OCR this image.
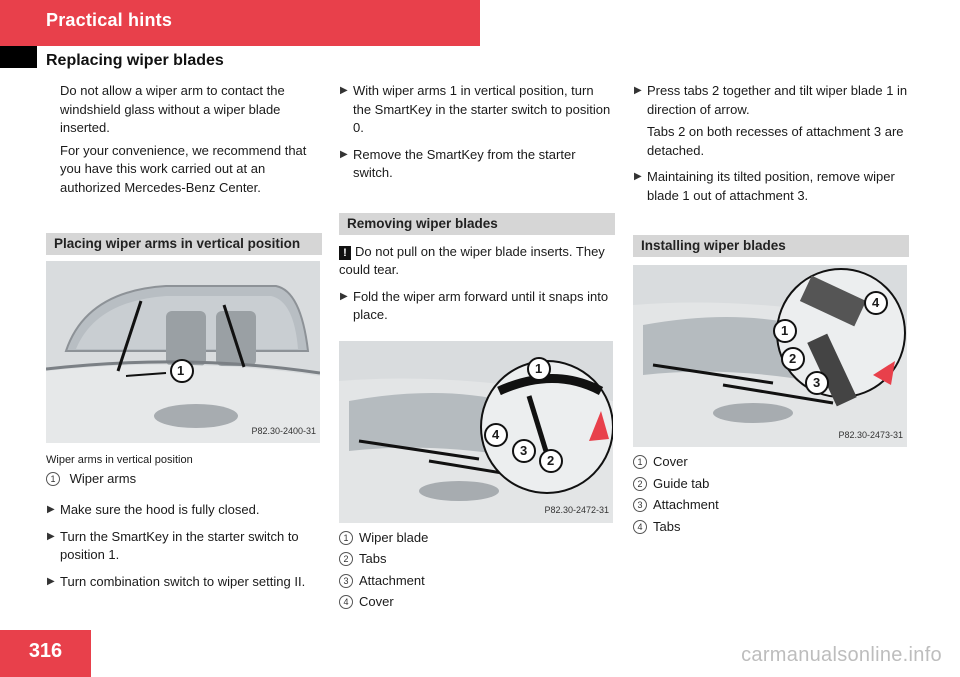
Practical hints
Replacing wiper blades

Do not allow a wiper arm to contact the windshield glass without a wiper blade inserted.

For your convenience, we recommend that you have this work carried out at an authorized Mercedes-Benz Center.

Placing wiper arms in vertical position
1
P82.30-2400-31
Wiper arms in vertical position
1 Wiper arms
▶ Make sure the hood is fully closed.
▶ Turn the SmartKey in the starter switch to position 1.
▶ Turn combination switch to wiper setting II.
▶ With wiper arms 1 in vertical position, turn the SmartKey in the starter switch to position 0.
▶ Remove the SmartKey from the starter switch.
Removing wiper blades
! Do not pull on the wiper blade inserts. They could tear.
▶ Fold the wiper arm forward until it snaps into place.
1
4
3
2
P82.30-2472-31
1 Wiper blade
2 Tabs
3 Attachment
4 Cover
▶ Press tabs 2 together and tilt wiper blade 1 in direction of arrow.

Tabs 2 on both recesses of attachment 3 are detached.

▶ Maintaining its tilted position, remove wiper blade 1 out of attachment 3.
Installing wiper blades
1
2
3
4
P82.30-2473-31
1 Cover
2 Guide tab
3 Attachment
4 Tabs
316	carmanualsonline.info
